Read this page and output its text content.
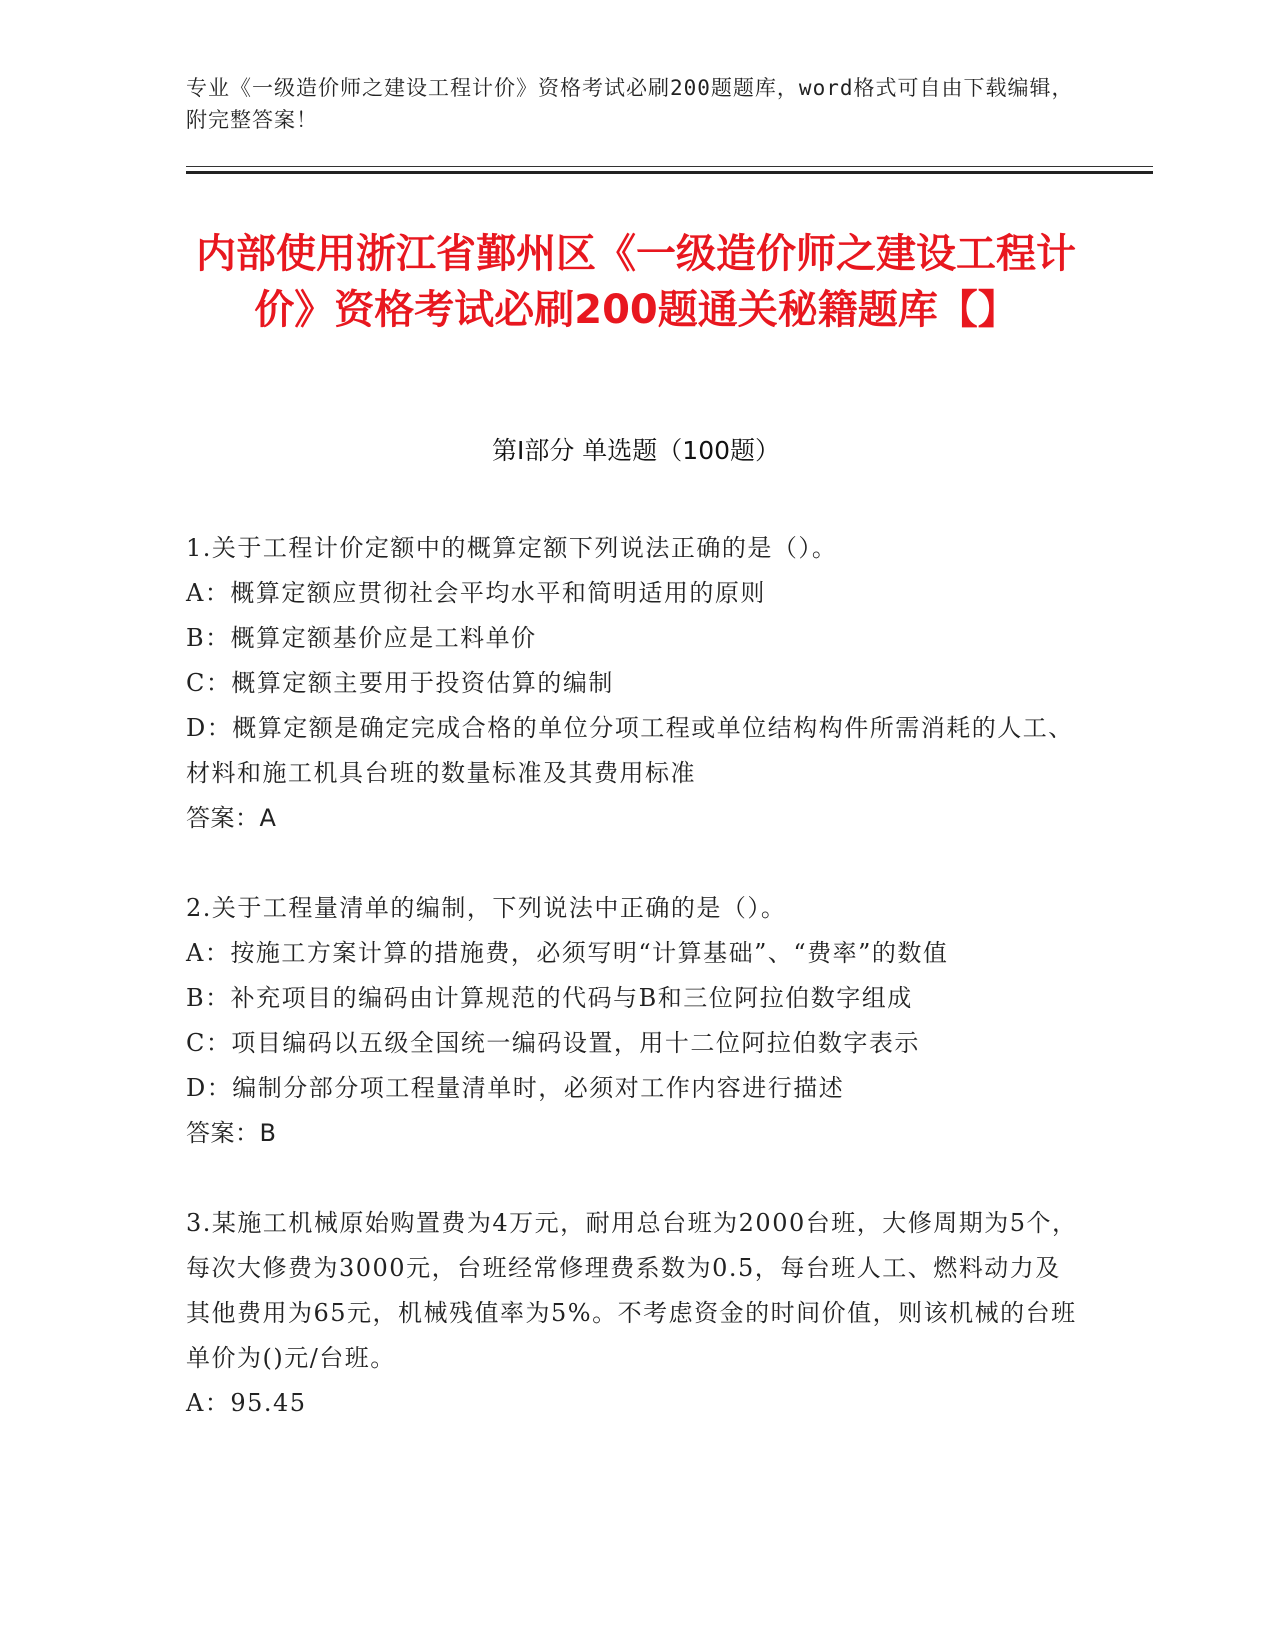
专业《一级造价师之建设工程计价》资格考试必刷200题题库，word格式可自由下载编辑，附完整答案！
内部使用浙江省鄞州区《一级造价师之建设工程计价》资格考试必刷200题通关秘籍题库【】
第Ⅰ部分 单选题（100题）

1.关于工程计价定额中的概算定额下列说法正确的是（）。

A：概算定额应贯彻社会平均水平和简明适用的原则

B：概算定额基价应是工料单价

C：概算定额主要用于投资估算的编制

D：概算定额是确定完成合格的单位分项工程或单位结构构件所需消耗的人工、材料和施工机具台班的数量标准及其费用标准

答案：A

2.关于工程量清单的编制，下列说法中正确的是（）。

A：按施工方案计算的措施费，必须写明“计算基础”、“费率”的数值

B：补充项目的编码由计算规范的代码与B和三位阿拉伯数字组成

C：项目编码以五级全国统一编码设置，用十二位阿拉伯数字表示

D：编制分部分项工程量清单时，必须对工作内容进行描述

答案：B

3.某施工机械原始购置费为4万元，耐用总台班为2000台班，大修周期为5个，每次大修费为3000元，台班经常修理费系数为0.5，每台班人工、燃料动力及其他费用为65元，机械残值率为5%。不考虑资金的时间价值，则该机械的台班单价为()元/台班。

A：95.45
